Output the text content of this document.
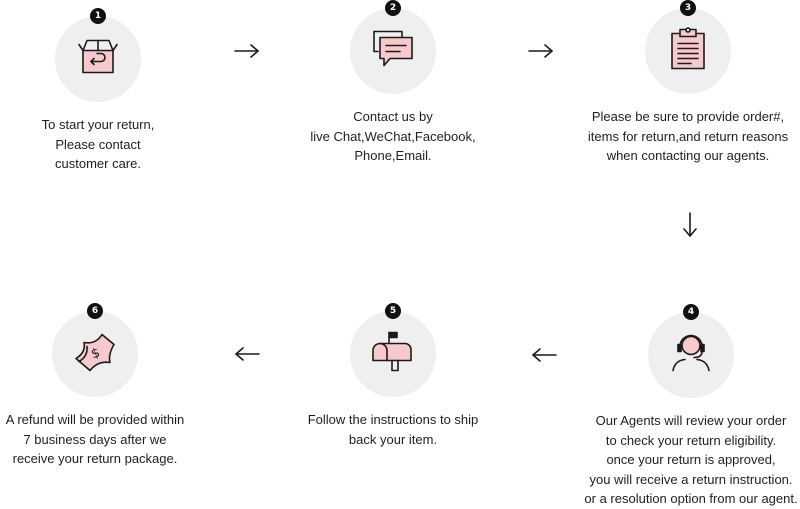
1
To start your return,
Please contact
customer care.
2
Contact us by
live Chat,WeChat,Facebook,
Phone,Email.
3
Please be sure to provide order#,
items for return,and return reasons
when contacting our agents.
4
Our Agents will review your order
to check your return eligibility.
once your return is approved,
you will receive a return instruction.
or a resolution option from our agent.
5
Follow the instructions to ship
back your item.
6
$
A refund will be provided within
7 business days after we
receive your return package.
